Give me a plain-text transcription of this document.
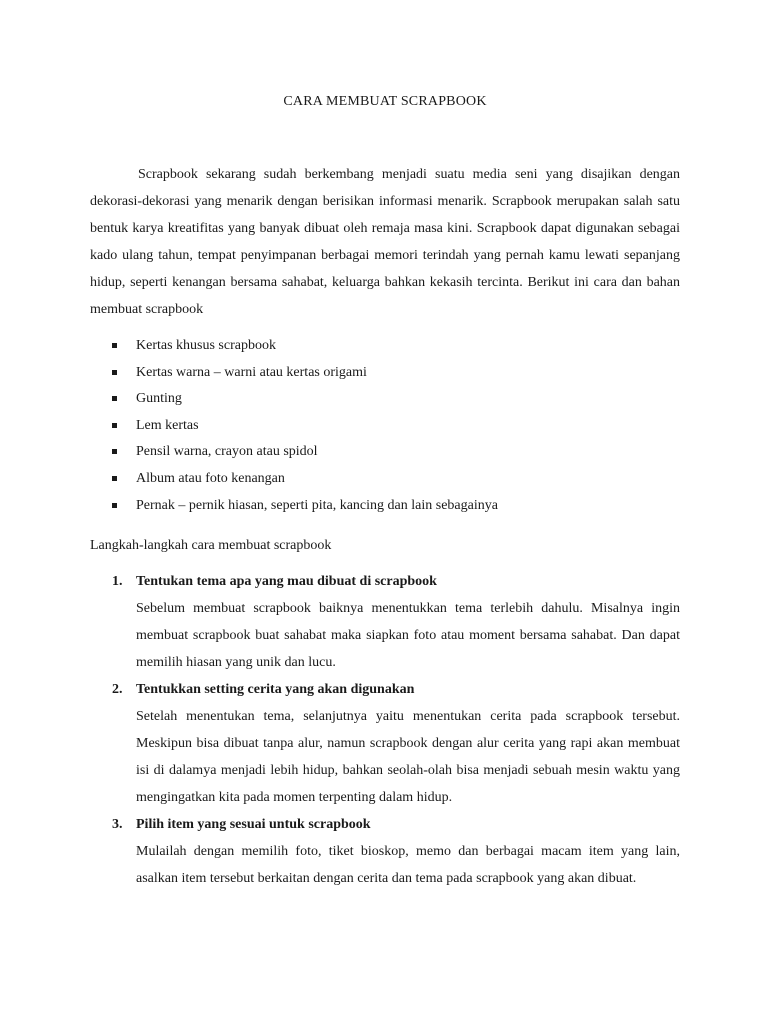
CARA MEMBUAT SCRAPBOOK

Scrapbook sekarang sudah berkembang menjadi suatu media seni yang disajikan dengan dekorasi-dekorasi yang menarik dengan berisikan informasi menarik. Scrapbook merupakan salah satu bentuk karya kreatifitas yang banyak dibuat oleh remaja masa kini. Scrapbook dapat digunakan sebagai kado ulang tahun, tempat penyimpanan berbagai memori terindah yang pernah kamu lewati sepanjang hidup, seperti kenangan bersama sahabat, keluarga bahkan kekasih tercinta. Berikut ini cara dan bahan membuat scrapbook

Kertas khusus scrapbook
Kertas warna – warni atau kertas origami
Gunting
Lem kertas
Pensil warna, crayon atau spidol
Album atau foto kenangan
Pernak – pernik hiasan, seperti pita, kancing dan lain sebagainya

Langkah-langkah cara membuat scrapbook

1. Tentukan tema apa yang mau dibuat di scrapbook

Sebelum membuat scrapbook baiknya menentukkan tema terlebih dahulu. Misalnya ingin membuat scrapbook buat sahabat maka siapkan foto atau moment bersama sahabat. Dan dapat memilih hiasan yang unik dan lucu.

2. Tentukkan setting cerita yang akan digunakan

Setelah menentukan tema, selanjutnya yaitu menentukan cerita pada scrapbook tersebut. Meskipun bisa dibuat tanpa alur, namun scrapbook dengan alur cerita yang rapi akan membuat isi di dalamya menjadi lebih hidup, bahkan seolah-olah bisa menjadi sebuah mesin waktu yang mengingatkan kita pada momen terpenting dalam hidup.

3. Pilih item yang sesuai untuk scrapbook

Mulailah dengan memilih foto, tiket bioskop, memo dan berbagai macam item yang lain, asalkan item tersebut berkaitan dengan cerita dan tema pada scrapbook yang akan dibuat.
